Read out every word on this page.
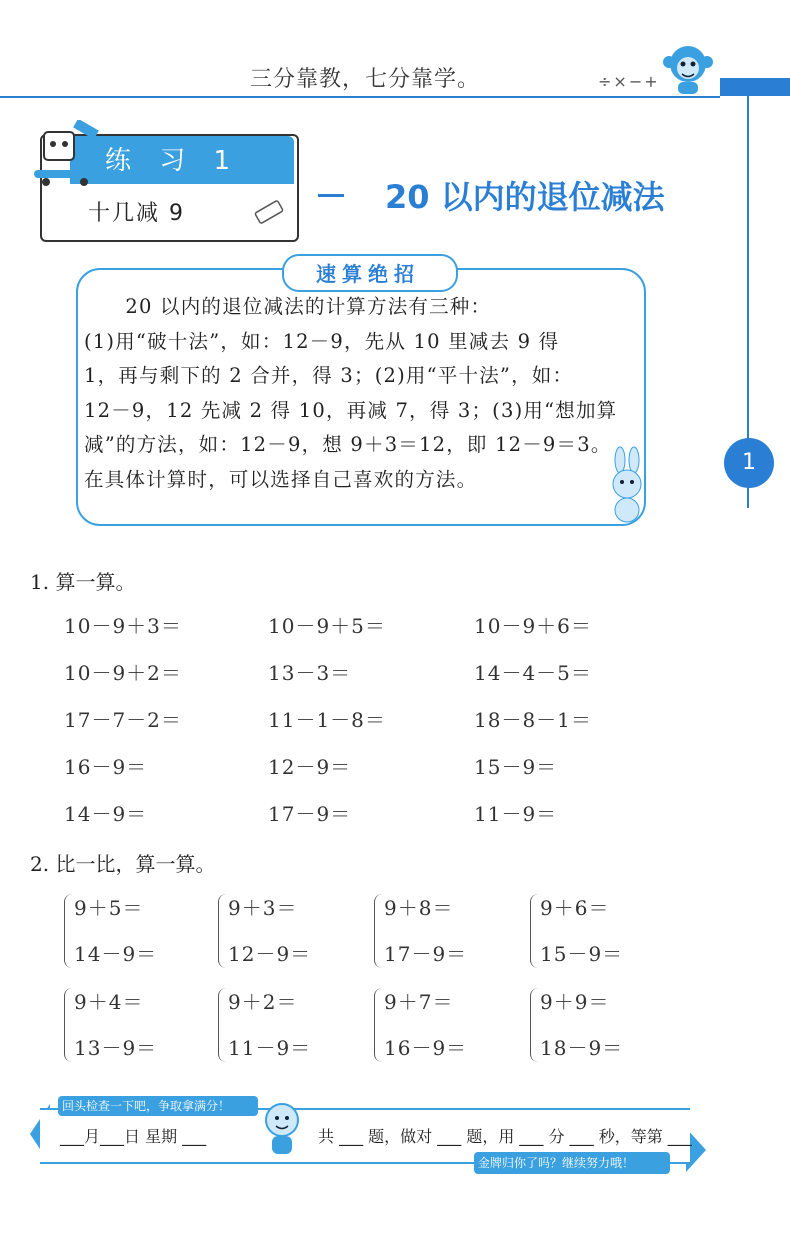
三分靠教，七分靠学。	÷×−+
1
练 习 1
十几减 9	20 以内的退位减法
速算绝招

　　20 以内的退位减法的计算方法有三种：

(1)用“破十法”，如：12－9，先从 10 里减去 9 得

1，再与剩下的 2 合并，得 3；(2)用“平十法”，如：

12－9，12 先减 2 得 10，再减 7，得 3；(3)用“想加算

减”的方法，如：12－9，想 9＋3＝12，即 12－9＝3。

在具体计算时，可以选择自己喜欢的方法。

1. 算一算。
10－9＋3＝	10－9＋5＝	10－9＋6＝
10－9＋2＝	13－3＝	14－4－5＝
17－7－2＝	11－1－8＝	18－8－1＝
16－9＝	12－9＝	15－9＝
14－9＝	17－9＝	11－9＝
2. 比一比，算一算。
9＋5＝
14－9＝
9＋3＝
12－9＝
9＋8＝
17－9＝
9＋6＝
15－9＝
9＋4＝
13－9＝
9＋2＝
11－9＝
9＋7＝
16－9＝
9＋9＝
18－9＝
回头检查一下吧，争取拿满分！
___月___日 星期 ___	共 ___ 题，做对 ___ 题，用 ___ 分 ___ 秒，等第 ___
金牌归你了吗？继续努力哦！
